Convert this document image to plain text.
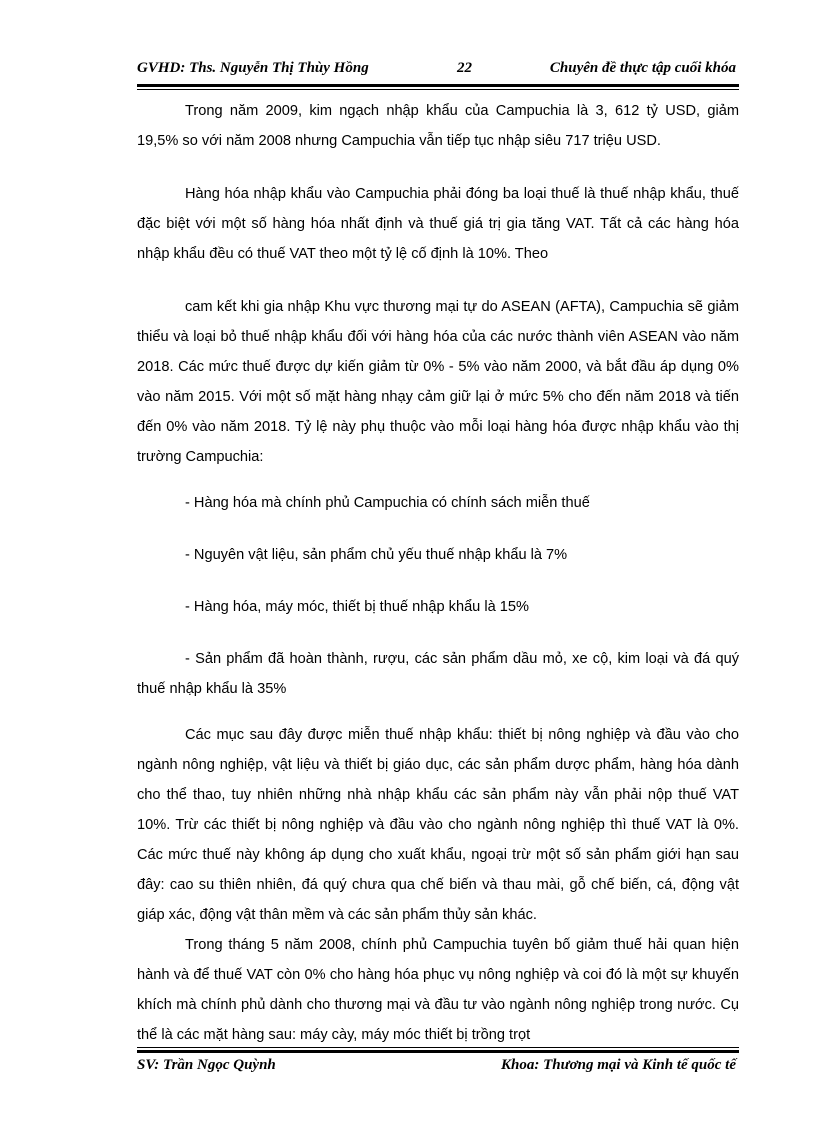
GVHD: Ths. Nguyễn Thị Thùy Hồng	22	Chuyên đề thực tập cuối khóa

Trong năm 2009, kim ngạch nhập khẩu của Campuchia là 3, 612 tỷ USD, giảm 19,5% so với năm 2008 nhưng Campuchia vẫn tiếp tục nhập siêu 717 triệu USD.

Hàng hóa nhập khẩu vào Campuchia phải đóng ba loại thuế là thuế nhập khẩu, thuế đặc biệt với một số hàng hóa nhất định và thuế giá trị gia tăng VAT. Tất cả các hàng hóa nhập khẩu đều có thuế VAT theo một tỷ lệ cố định là 10%. Theo

cam kết khi gia nhập Khu vực thương mại tự do ASEAN (AFTA), Campuchia sẽ giảm thiểu và loại bỏ thuế nhập khẩu đối với hàng hóa của các nước thành viên ASEAN vào năm 2018. Các mức thuế được dự kiến giảm từ 0% - 5% vào năm 2000, và bắt đầu áp dụng 0% vào năm 2015. Với một số mặt hàng nhạy cảm giữ lại ở mức 5% cho đến năm 2018 và tiến đến 0% vào năm 2018. Tỷ lệ này phụ thuộc vào mỗi loại hàng hóa được nhập khẩu vào thị trường Campuchia:

- Hàng hóa mà chính phủ Campuchia có chính sách miễn thuế

- Nguyên vật liệu, sản phẩm chủ yếu thuế nhập khẩu là 7%

- Hàng hóa, máy móc, thiết bị thuế nhập khẩu là 15%

- Sản phẩm đã hoàn thành, rượu, các sản phẩm dầu mỏ, xe cộ, kim loại và đá quý thuế nhập khẩu là 35%

Các mục sau đây được miễn thuế nhập khẩu: thiết bị nông nghiệp và đầu vào cho ngành nông nghiệp, vật liệu và thiết bị giáo dục, các sản phẩm dược phẩm, hàng hóa dành cho thể thao, tuy nhiên những nhà nhập khẩu các sản phẩm này vẫn phải nộp thuế VAT 10%. Trừ các thiết bị nông nghiệp và đầu vào cho ngành nông nghiệp thì thuế VAT là 0%. Các mức thuế này không áp dụng cho xuất khẩu, ngoại trừ một số sản phẩm giới hạn sau đây: cao su thiên nhiên, đá quý chưa qua chế biến và thau mài, gỗ chế biến, cá, động vật giáp xác, động vật thân mềm và các sản phẩm thủy sản khác.

Trong tháng 5 năm 2008, chính phủ Campuchia tuyên bố giảm thuế hải quan hiện hành và để thuế VAT còn 0% cho hàng hóa phục vụ nông nghiệp và coi đó là một sự khuyến khích mà chính phủ dành cho thương mại và đầu tư vào ngành nông nghiệp trong nước. Cụ thể là các mặt hàng sau: máy cày, máy móc thiết bị trồng trọt

SV: Trần Ngọc Quỳnh	Khoa: Thương mại và Kinh tế quốc tế
